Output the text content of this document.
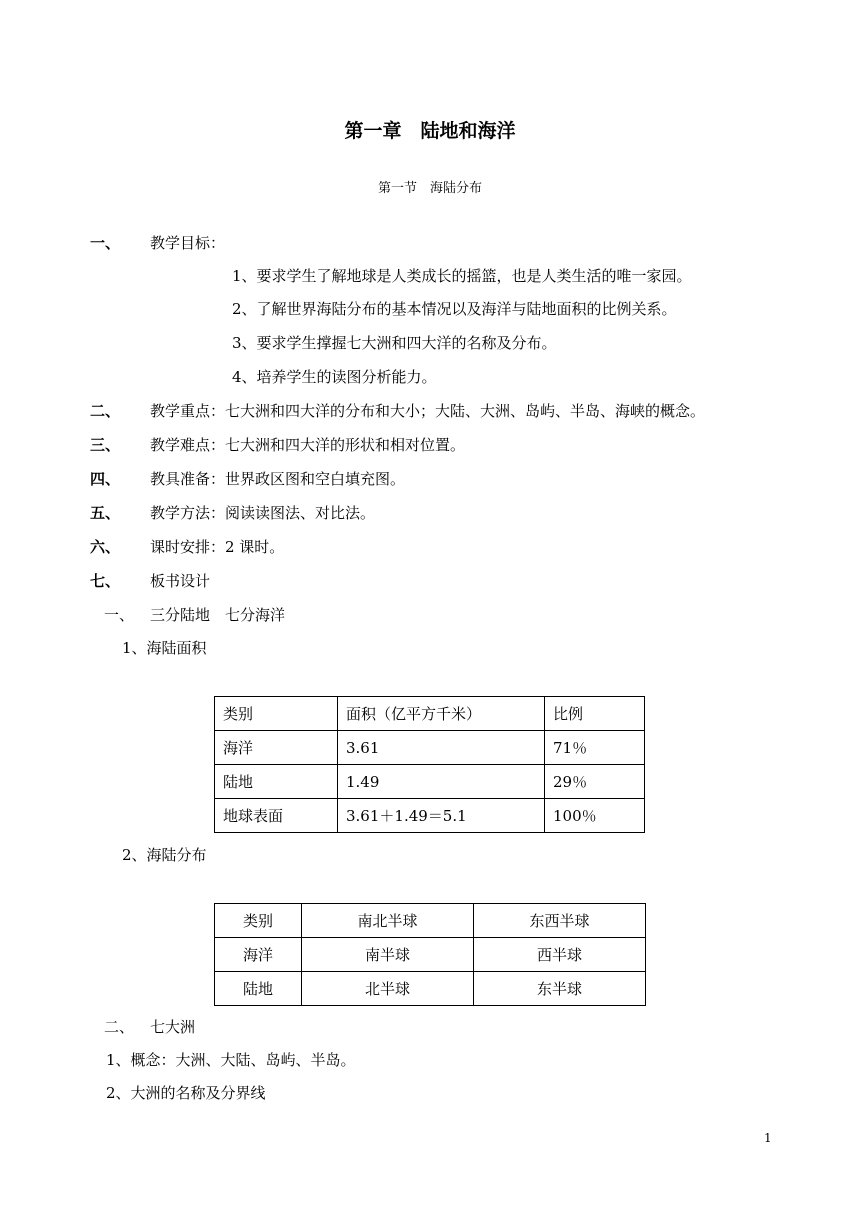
第一章　陆地和海洋
第一节　海陆分布
一、 教学目标：
1、要求学生了解地球是人类成长的摇篮，也是人类生活的唯一家园。
2、了解世界海陆分布的基本情况以及海洋与陆地面积的比例关系。
3、要求学生撑握七大洲和四大洋的名称及分布。
4、培养学生的读图分析能力。
二、 教学重点：七大洲和四大洋的分布和大小；大陆、大洲、岛屿、半岛、海峡的概念。
三、 教学难点：七大洲和四大洋的形状和相对位置。
四、 教具准备：世界政区图和空白填充图。
五、 教学方法：阅读读图法、对比法。
六、 课时安排：2 课时。
七、 板书设计
一、 三分陆地　七分海洋
1、海陆面积
类别	面积（亿平方千米）	比例
海洋	3.61	71％
陆地	1.49	29％
地球表面	3.61＋1.49＝5.1	100％
2、海陆分布
类别	南北半球	东西半球
海洋	南半球	西半球
陆地	北半球	东半球
二、 七大洲
1、概念：大洲、大陆、岛屿、半岛。
2、大洲的名称及分界线
1
